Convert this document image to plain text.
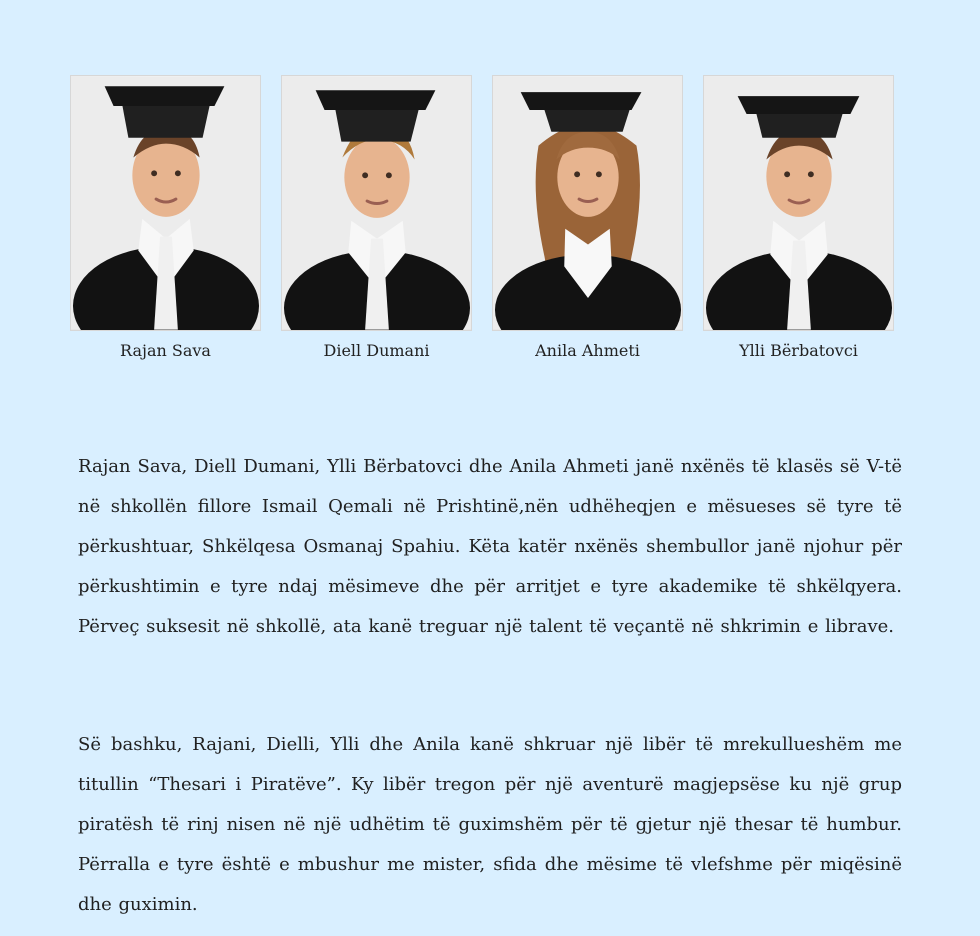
Rajan Sava	Diell Dumani	Anila Ahmeti	Ylli Bërbatovci

Rajan Sava, Diell Dumani, Ylli Bërbatovci dhe Anila Ahmeti janë nxënës të klasës së V-të në shkollën fillore Ismail Qemali në Prishtinë,nën udhëheqjen e mësueses së tyre të përkushtuar, Shkëlqesa Osmanaj Spahiu. Këta katër nxënës shembullor janë njohur për përkushtimin e tyre ndaj mësimeve dhe për arritjet e tyre akademike të shkëlqyera. Përveç suksesit në shkollë, ata kanë treguar një talent të veçantë në shkrimin e librave.

Së bashku, Rajani, Dielli, Ylli dhe Anila kanë shkruar një libër të mrekullueshëm me titullin “Thesari i Piratëve”. Ky libër tregon për një aventurë magjepsëse ku një grup piratësh të rinj nisen në një udhëtim të guximshëm për të gjetur një thesar të humbur. Përralla e tyre është e mbushur me mister, sfida dhe mësime të vlefshme për miqësinë dhe guximin.
